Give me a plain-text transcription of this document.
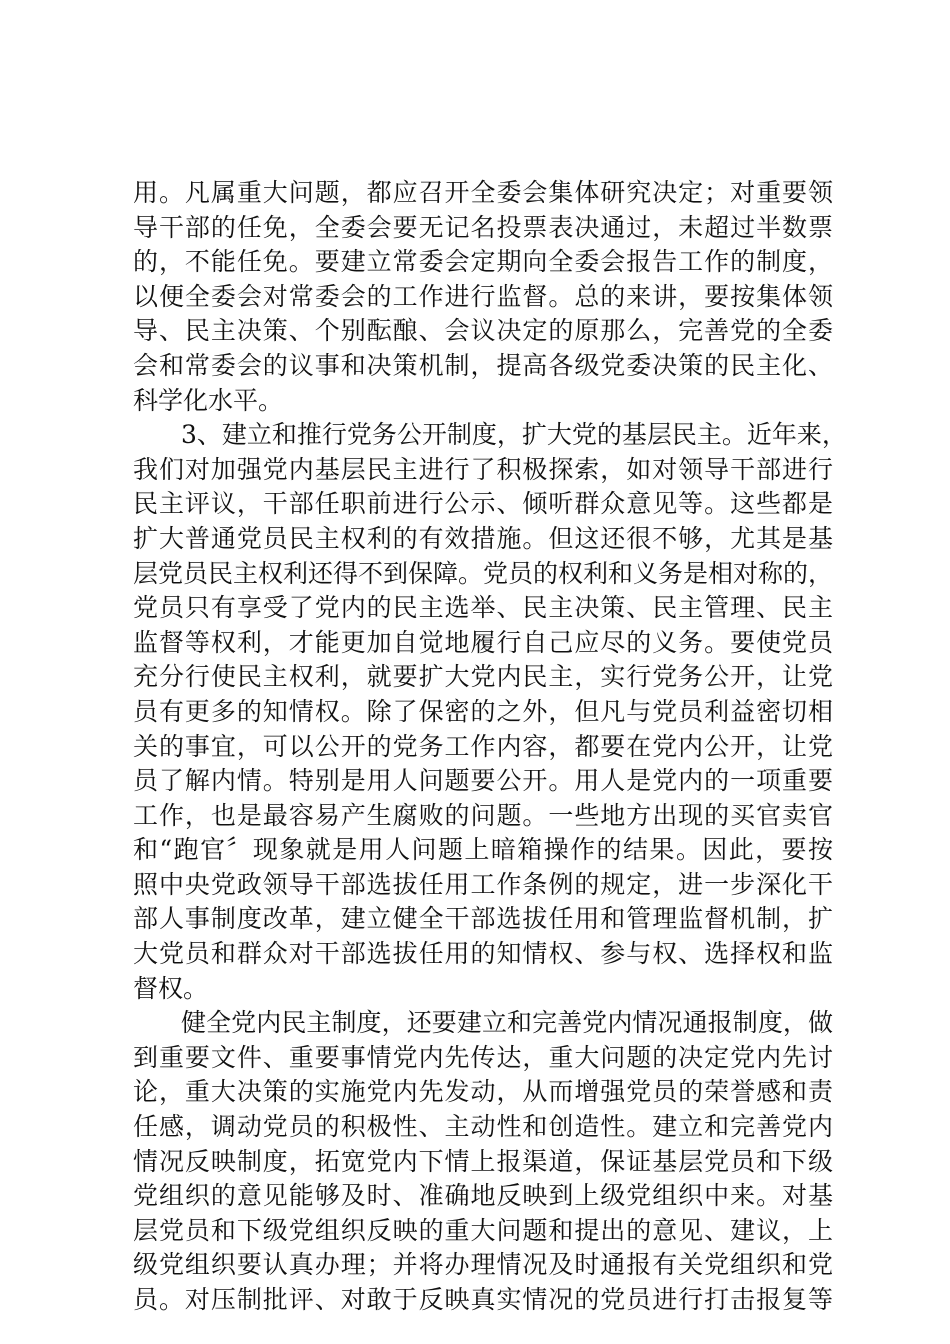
用。凡属重大问题，都应召开全委会集体研究决定；对重要领
导干部的任免，全委会要无记名投票表决通过，未超过半数票
的，不能任免。要建立常委会定期向全委会报告工作的制度，
以便全委会对常委会的工作进行监督。总的来讲，要按集体领
导、民主决策、个别酝酿、会议决定的原那么，完善党的全委
会和常委会的议事和决策机制，提高各级党委决策的民主化、
科学化水平。
3、建立和推行党务公开制度，扩大党的基层民主。近年来，
我们对加强党内基层民主进行了积极探索，如对领导干部进行
民主评议，干部任职前进行公示、倾听群众意见等。这些都是
扩大普通党员民主权利的有效措施。但这还很不够，尤其是基
层党员民主权利还得不到保障。党员的权利和义务是相对称的，
党员只有享受了党内的民主选举、民主决策、民主管理、民主
监督等权利，才能更加自觉地履行自己应尽的义务。要使党员
充分行使民主权利，就要扩大党内民主，实行党务公开，让党
员有更多的知情权。除了保密的之外，但凡与党员利益密切相
关的事宜，可以公开的党务工作内容，都要在党内公开，让党
员了解内情。特别是用人问题要公开。用人是党内的一项重要
工作，也是最容易产生腐败的问题。一些地方出现的买官卖官
和“跑官〞现象就是用人问题上暗箱操作的结果。因此，要按
照中央党政领导干部选拔任用工作条例的规定，进一步深化干
部人事制度改革，建立健全干部选拔任用和管理监督机制，扩
大党员和群众对干部选拔任用的知情权、参与权、选择权和监
督权。
健全党内民主制度，还要建立和完善党内情况通报制度，做
到重要文件、重要事情党内先传达，重大问题的决定党内先讨
论，重大决策的实施党内先发动，从而增强党员的荣誉感和责
任感，调动党员的积极性、主动性和创造性。建立和完善党内
情况反映制度，拓宽党内下情上报渠道，保证基层党员和下级
党组织的意见能够及时、准确地反映到上级党组织中来。对基
层党员和下级党组织反映的重大问题和提出的意见、建议，上
级党组织要认真办理；并将办理情况及时通报有关党组织和党
员。对压制批评、对敢于反映真实情况的党员进行打击报复等
